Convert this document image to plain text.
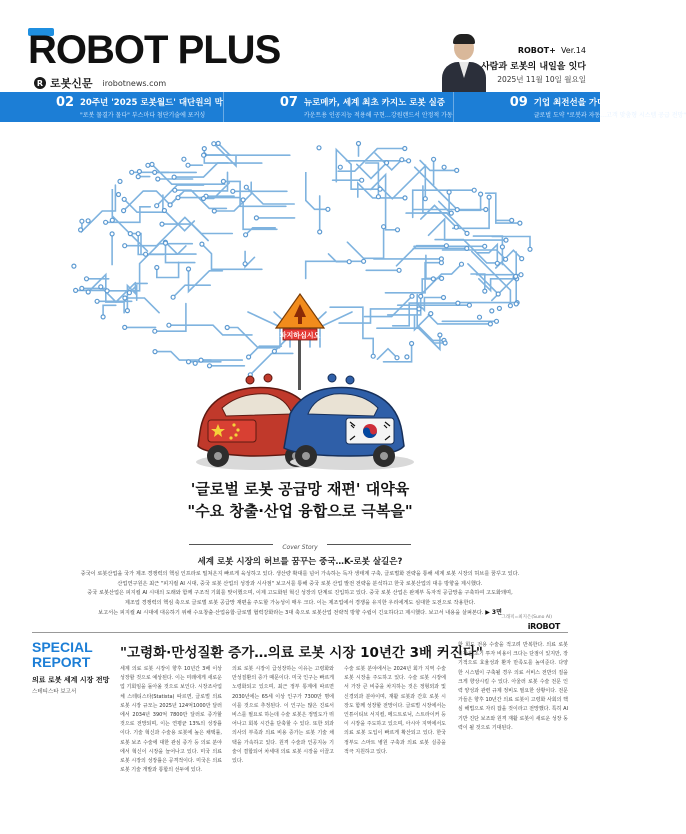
ROBOT PLUS
R 로봇신문 irobotnews.com
ROBOT+ Ver.14
사람과 로봇의 내일을 잇다
2025년 11월 10일 월요일
02 20주년 '2025 로봇월드' 대단원의 막
"로봇 물결가 물다" 부스마다 첨단기술에 포커싱
07 뉴로메카, 세계 최초 카지노 로봇 실증
카운트용 인공지능 적용해 구현…강원랜드서 안정적 가동
09 기업 최전선을 가다 - 주강로보테크
글로벌 도약 "로봇과 자동…고객 맞춤형 시스템 공급 전망"
파지하십시오
'글로벌 로봇 공급망 재편' 대약육
"수요 창출·산업 융합으로 극복을"
Cover Story
세계 로봇 시장의 허브를 꿈꾸는 중국…K-로봇 살길은?

중국이 로봇산업을 국가 제조 경쟁력의 핵심 인프라로 밀쳐온지 빠르게 육성하고 있다. 생산량 확대를 넘어 가속하는 독자 생태계 구축, 글로벌화 전략을 통해 세계 로봇 시장의 허브를 꿈꾸고 있다.

산업연구원은 최근 "피지컬 AI 시대, 중국 로봇 산업의 성장과 시사점" 보고서를 통해 중국 로봇 산업 발전 전략을 분석하고 한국 로봇산업의 대응 방향을 제시했다.

중국 로봇산업은 피지컬 AI 시대의 도래와 함께 구조적 기회를 맞이했으며, 이제 고도화된 혁신 성장의 단계로 진입하고 있다. 중국 로봇 산업은 완제부 독자적 공급망을 구축하여 고도화돼며,

제조업 경쟁력의 핵심 축으로 글로벌 로봇 공급망 재편을 주도할 가능성이 매우 크다. 이는 제조업에서 경쟁을 유지한 우리에게도 심대한 도전으로 작용한다.

보고서는 피지컬 AI 시대에 대응하기 위해 수요창출·산업융합·글로벌 협력강화라는 3대 축으로 로봇산업 전략적 방향 수립이 긴요하다고 제시했다. 보고서 내용을 살펴본다. ▶ 3면

그래픽=최지은(Suno AI)
iROBOT
SPECIAL
REPORT
의료 로봇 세계 시장 전망
스테티스타 보고서
"고령화·만성질환 증가…의료 로봇 시장 10년간 3배 커진다"
세계 의료 로봇 시장이 향후 10년간 3배 이상 성장할 것으로 예상된다. 이는 미래에게 새로운 업 기회임을 돌아올 것으로 보인다. 시장조사업체 스테티스타(Statista) 따르면, 글로벌 의료 로봇 시장 규모는 2025년 124억1000만 달러에서 2034년 390억 7800만 달러로 증가할 것으로 전망되며, 이는 연평균 13%의 성장률이다. 기술 혁신과 수술용 로봇에 높은 채택률, 로봇 보조 수술에 대한 관심 증가 등 의료 분야에서 혁신이 시장을 늘어나고 있다. 미국 의료 로봇 시장의 성장률은 공격적이다. 미국은 의료 로봇 기술 개발과 통합의 선두에 있다.
의료 로봇 시장이 급성장하는 이유는 고령화와 만성질환의 증가 때문이다. 미국 인구는 빠르게 노령화되고 있으며, 최근 정부 통계에 따르면 2030년에는 65세 이상 인구가 7300만 명에 이를 것으로 추정된다. 이 인구는 많은 진료서비스를 필요로 하는데 수술 로봇은 정밀도가 뛰어나고 회복 시간을 단축할 수 있다. 또한 외과 의사의 부족과 의료 비용 증가는 로봇 기술 채택을 가속하고 있다. 원격 수술과 인공지능 기술이 결합되어 차세대 의료 로봇 시장을 이끌고 있다.
수술 로봇 분야에서는 2024년 회가 지역 수술 로봇 시장을 주도하고 있다. 수술 로봇 시장에서 가장 큰 비중을 차지하는 것은 정형외과 및 신경외과 분야이며, 재활 로봇과 간호 로봇 시장도 함께 성장할 전망이다. 글로벌 시장에서는 인튜이티브 서지컬, 메드트로닉, 스트라이커 등이 시장을 주도하고 있으며, 아시아 지역에서도 의료 로봇 도입이 빠르게 확산되고 있다. 한국 정부도 스마트 병원 구축과 의료 로봇 실증을 적극 지원하고 있다.
한 회도 전용 수술을 적고려 반복한다. 의료 로봇 시장은 초기 투자 비용이 크다는 단점이 있지만, 장기적으로 효율성과 환자 만족도를 높여준다. 다양한 시스템이 구축될 경우 의료 서비스 전반의 질을 크게 향상시킬 수 있다. 아울러 로봇 수술 전문 인력 양성과 관련 규제 정비도 필요한 상황이다. 전문가들은 향후 10년간 의료 로봇이 고령화 사회의 핵심 해법으로 자리 잡을 것이라고 전망했다. 특히 AI 기반 진단 보조와 원격 재활 로봇이 새로운 성장 동력이 될 것으로 기대된다.
